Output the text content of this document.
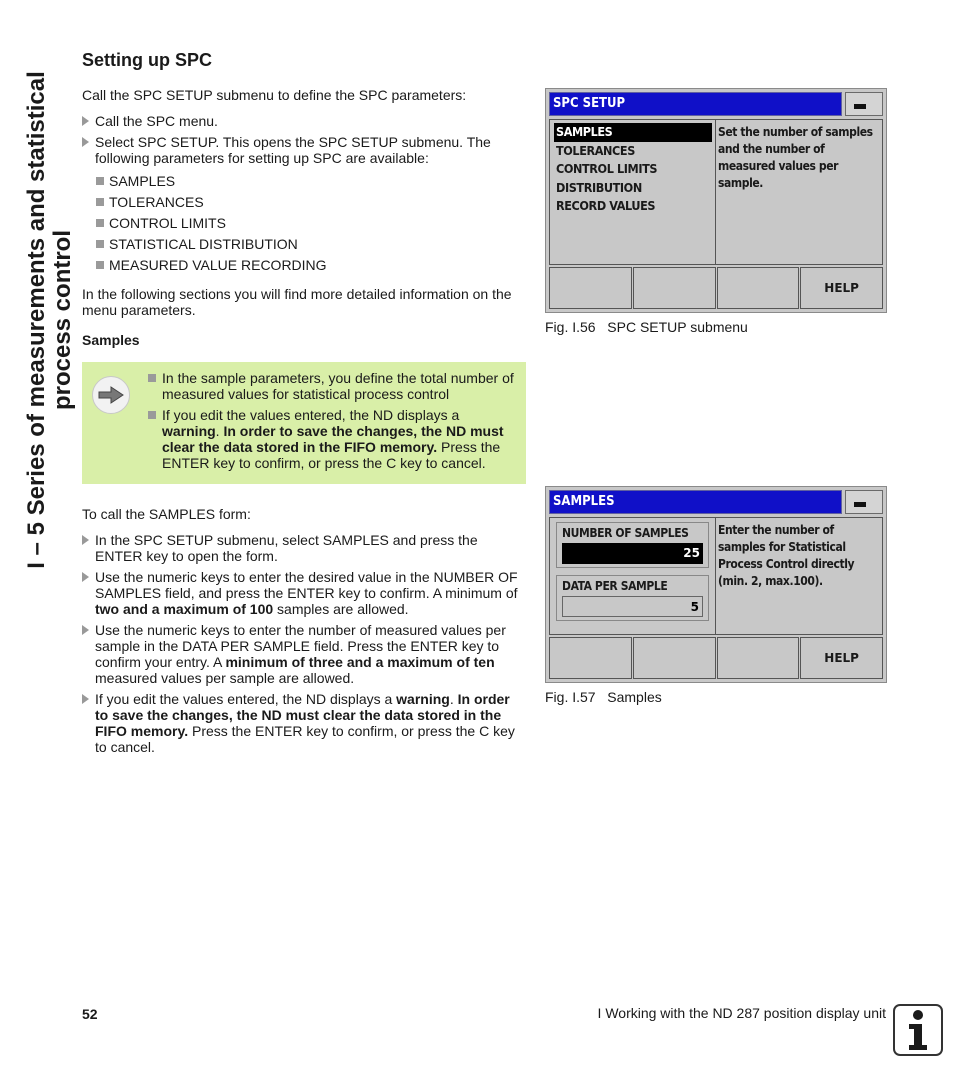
I – 5 Series of measurements and statistical process control
Setting up SPC

Call the SPC SETUP submenu to define the SPC parameters:

Call the SPC menu.
Select SPC SETUP. This opens the SPC SETUP submenu. The following parameters for setting up SPC are available:
SAMPLES
TOLERANCES
CONTROL LIMITS
STATISTICAL DISTRIBUTION
MEASURED VALUE RECORDING

In the following sections you will find more detailed information on the menu parameters.

Samples
In the sample parameters, you define the total number of measured values for statistical process control
If you edit the values entered, the ND displays a warning. In order to save the changes, the ND must clear the data stored in the FIFO memory. Press the ENTER key to confirm, or press the C key to cancel.

To call the SAMPLES form:

In the SPC SETUP submenu, select SAMPLES and press the ENTER key to open the form.
Use the numeric keys to enter the desired value in the NUMBER OF SAMPLES field, and press the ENTER key to confirm. A minimum of two and a maximum of 100 samples are allowed.
Use the numeric keys to enter the number of measured values per sample in the DATA PER SAMPLE field. Press the ENTER key to confirm your entry. A minimum of three and a maximum of ten measured values per sample are allowed.
If you edit the values entered, the ND displays a warning. In order to save the changes, the ND must clear the data stored in the FIFO memory. Press the ENTER key to confirm, or press the C key to cancel.
SPC SETUP
SAMPLES
TOLERANCES
CONTROL LIMITS
DISTRIBUTION
RECORD VALUES
Set the number of samples and the number of measured values per sample.
HELP
Fig. I.56 SPC SETUP submenu
SAMPLES
NUMBER OF SAMPLES
25
DATA PER SAMPLE
5
Enter the number of samples for Statistical Process Control directly
(min. 2, max.100).
HELP
Fig. I.57 Samples
52	I Working with the ND 287 position display unit
